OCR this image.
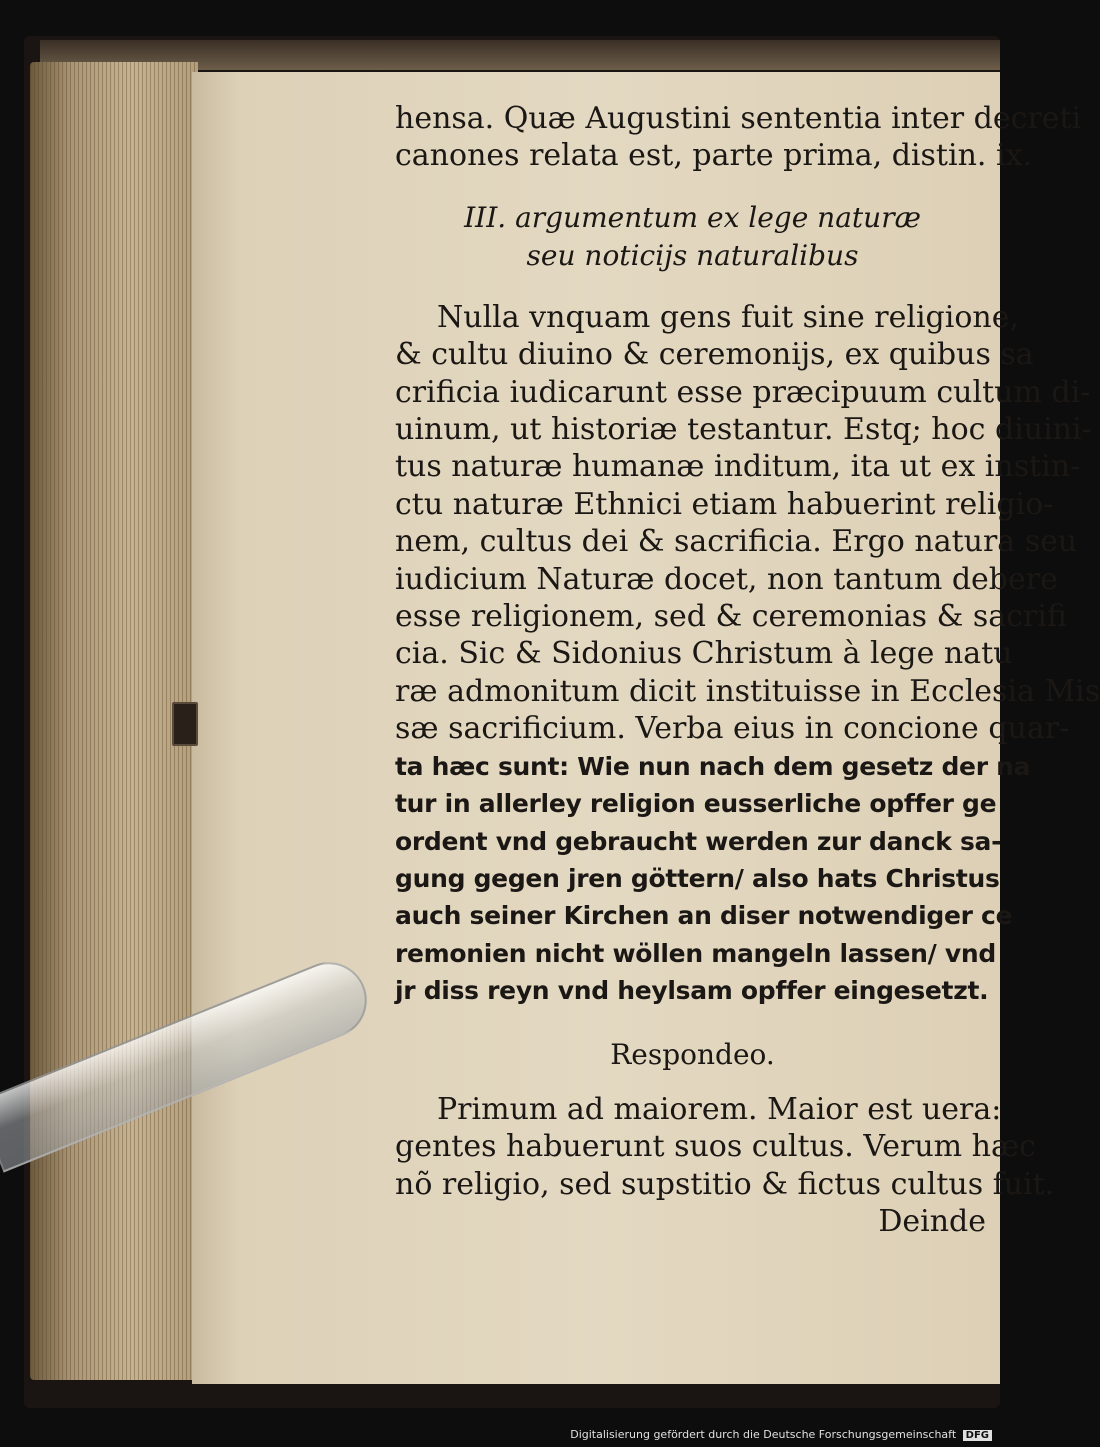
hensa. Quæ Augustini sententia inter decreti
canones relata est, parte prima, distin. ix.
III. argumentum ex lege naturæ
seu noticijs naturalibus
Nulla vnquam gens fuit sine religione,
& cultu diuino & ceremonijs, ex quibus sa
crificia iudicarunt esse præcipuum cultum di-
uinum, ut historiæ testantur. Estq; hoc diuini-
tus naturæ humanæ inditum, ita ut ex instin-
ctu naturæ Ethnici etiam habuerint religio-
nem, cultus dei & sacrificia. Ergo natura seu
iudicium Naturæ docet, non tantum debere
esse religionem, sed & ceremonias & sacrifi
cia. Sic & Sidonius Christum à lege natu
ræ admonitum dicit instituisse in Ecclesia Mis
sæ sacrificium. Verba eius in concione quar-
ta hæc sunt: Wie nun nach dem gesetz der na
tur in allerley religion eusserliche opffer ge
ordent vnd gebraucht werden zur danck sa-
gung gegen jren göttern/ also hats Christus
auch seiner Kirchen an diser notwendiger ce
remonien nicht wöllen mangeln lassen/ vnd
jr diss reyn vnd heylsam opffer eingesetzt.
Respondeo.
Primum ad maiorem. Maior est uera:
gentes habuerunt suos cultus. Verum hæc
nõ religio, sed supstitio & fictus cultus fuit.
Deinde
Digitalisierung gefördert durch die Deutsche Forschungsgemeinschaft DFG
